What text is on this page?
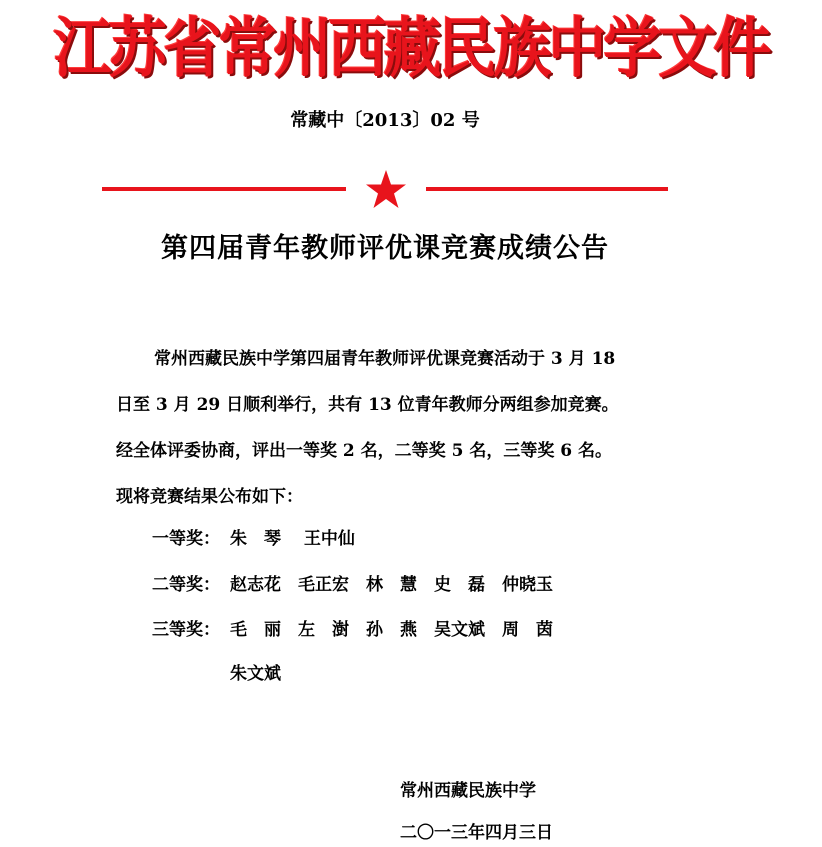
江苏省常州西藏民族中学文件
常藏中〔2013〕02 号
第四届青年教师评优课竞赛成绩公告
常州西藏民族中学第四届青年教师评优课竞赛活动于 3 月 18
日至 3 月 29 日顺利举行，共有 13 位青年教师分两组参加竞赛。
经全体评委协商，评出一等奖 2 名，二等奖 5 名，三等奖 6 名。
现将竞赛结果公布如下：
一等奖： 朱　琴　 王中仙
二等奖： 赵志花　毛正宏　林　慧　史　磊　仲晓玉
三等奖： 毛　丽　左　澍　孙　燕　吴文斌　周　茵
朱文斌
常州西藏民族中学
二〇一三年四月三日
